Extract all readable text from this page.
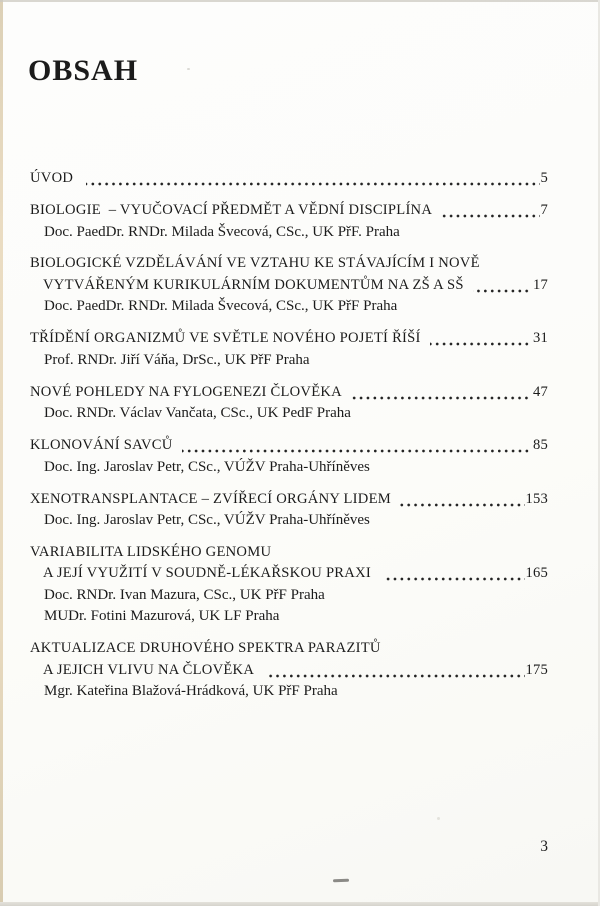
OBSAH
ÚVOD	5
BIOLOGIE  – VYUČOVACÍ PŘEDMĚT A VĚDNÍ DISCIPLÍNA	7
Doc. PaedDr. RNDr. Milada Švecová, CSc., UK PřF. Praha
BIOLOGICKÉ VZDĚLÁVÁNÍ VE VZTAHU KE STÁVAJÍCÍM I NOVĚ
VYTVÁŘENÝM KURIKULÁRNÍM DOKUMENTŮM NA ZŠ A SŠ	17
Doc. PaedDr. RNDr. Milada Švecová, CSc., UK PřF Praha
TŘÍDĚNÍ ORGANIZMŮ VE SVĚTLE NOVÉHO POJETÍ ŘÍŠÍ	31
Prof. RNDr. Jiří Váňa, DrSc., UK PřF Praha
NOVÉ POHLEDY NA FYLOGENEZI ČLOVĚKA	47
Doc. RNDr. Václav Vančata, CSc., UK PedF Praha
KLONOVÁNÍ SAVCŮ	85
Doc. Ing. Jaroslav Petr, CSc., VÚŽV Praha-Uhříněves
XENOTRANSPLANTACE – ZVÍŘECÍ ORGÁNY LIDEM	153
Doc. Ing. Jaroslav Petr, CSc., VÚŽV Praha-Uhříněves
VARIABILITA LIDSKÉHO GENOMU
A JEJÍ VYUŽITÍ V SOUDNĚ-LÉKAŘSKOU PRAXI	165
Doc. RNDr. Ivan Mazura, CSc., UK PřF Praha
MUDr. Fotini Mazurová, UK LF Praha
AKTUALIZACE DRUHOVÉHO SPEKTRA PARAZITŮ
A JEJICH VLIVU NA ČLOVĚKA	175
Mgr. Kateřina Blažová-Hrádková, UK PřF Praha
3
